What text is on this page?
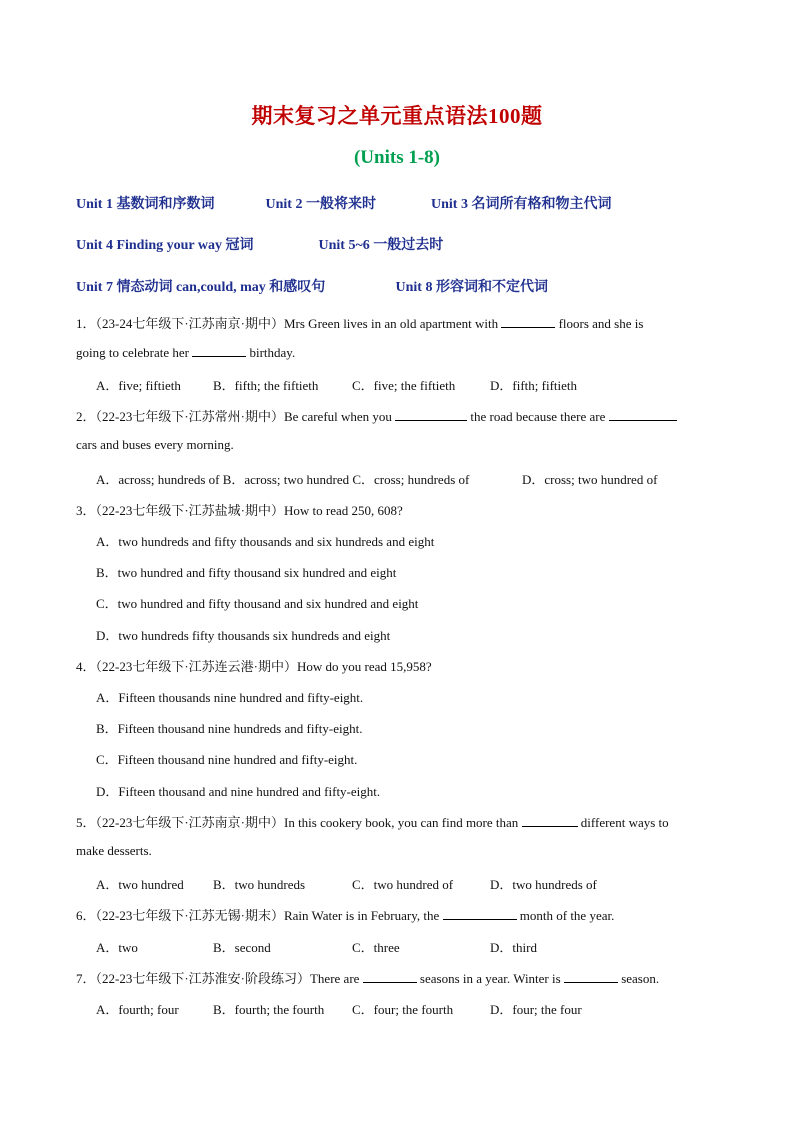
期末复习之单元重点语法100题
(Units 1-8)
Unit 1 基数词和序数词	Unit 2 一般将来时	Unit 3 名词所有格和物主代词
Unit 4 Finding your way 冠词	Unit 5~6 一般过去时
Unit 7 情态动词 can,could, may 和感叹句	Unit 8 形容词和不定代词
1．（23-24七年级下·江苏南京·期中）Mrs Green lives in an old apartment with	floors and she is
going to celebrate her	birthday.
A．five; fiftieth B．fifth; the fiftieth	C．five; the fiftieth	D．fifth; fiftieth
2．（22-23七年级下·江苏常州·期中）Be careful when you	the road because there are
cars and buses every morning.
A．across; hundreds of B．across; two hundred C．cross; hundreds of	D．cross; two hundred of
3．（22-23七年级下·江苏盐城·期中）How to read 250, 608?
A．two hundreds and fifty thousands and six hundreds and eight
B．two hundred and fifty thousand six hundred and eight
C．two hundred and fifty thousand and six hundred and eight
D．two hundreds fifty thousands six hundreds and eight
4．（22-23七年级下·江苏连云港·期中）How do you read 15,958?
A．Fifteen thousands nine hundred and fifty-eight.
B．Fifteen thousand nine hundreds and fifty-eight.
C．Fifteen thousand nine hundred and fifty-eight.
D．Fifteen thousand and nine hundred and fifty-eight.
5．（22-23七年级下·江苏南京·期中）In this cookery book, you can find more than	different ways to
make desserts.
A．two hundred B．two hundreds	C．two hundred of	D．two hundreds of
6．（22-23七年级下·江苏无锡·期末）Rain Water is in February, the	month of the year.
A．two	B．second	C．three	D．third
7．（22-23七年级下·江苏淮安·阶段练习）There are	seasons in a year. Winter is	season.
A．fourth; four	B．fourth; the fourth C．four; the fourth	D．four; the four
